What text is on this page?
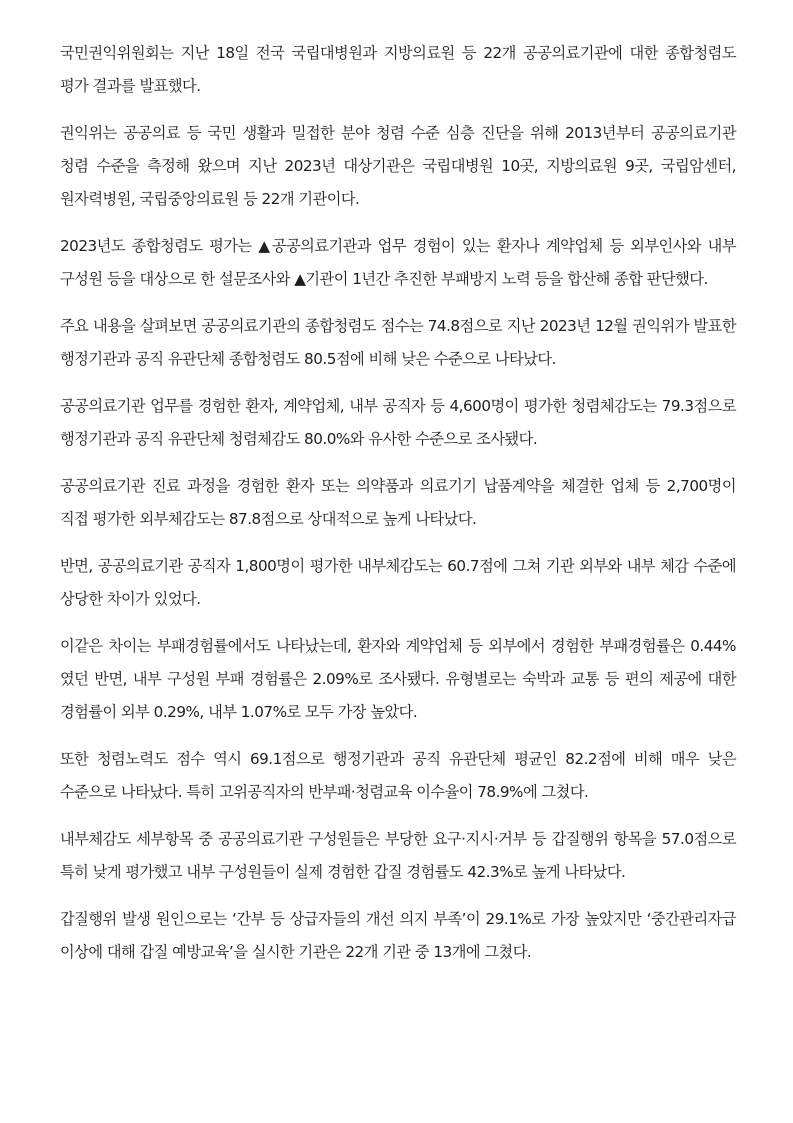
국민권익위원회는 지난 18일 전국 국립대병원과 지방의료원 등 22개 공공의료기관에 대한 종합청렴도 평가 결과를 발표했다.

권익위는 공공의료 등 국민 생활과 밀접한 분야 청렴 수준 심층 진단을 위해 2013년부터 공공의료기관 청렴 수준을 측정해 왔으며 지난 2023년 대상기관은 국립대병원 10곳, 지방의료원 9곳, 국립암센터, 원자력병원, 국립중앙의료원 등 22개 기관이다.

2023년도 종합청렴도 평가는 ▲공공의료기관과 업무 경험이 있는 환자나 계약업체 등 외부인사와 내부 구성원 등을 대상으로 한 설문조사와 ▲기관이 1년간 추진한 부패방지 노력 등을 합산해 종합 판단했다.

주요 내용을 살펴보면 공공의료기관의 종합청렴도 점수는 74.8점으로 지난 2023년 12월 권익위가 발표한 행정기관과 공직 유관단체 종합청렴도 80.5점에 비해 낮은 수준으로 나타났다.

공공의료기관 업무를 경험한 환자, 계약업체, 내부 공직자 등 4,600명이 평가한 청렴체감도는 79.3점으로 행정기관과 공직 유관단체 청렴체감도 80.0%와 유사한 수준으로 조사됐다.

공공의료기관 진료 과정을 경험한 환자 또는 의약품과 의료기기 납품계약을 체결한 업체 등 2,700명이 직접 평가한 외부체감도는 87.8점으로 상대적으로 높게 나타났다.

반면, 공공의료기관 공직자 1,800명이 평가한 내부체감도는 60.7점에 그쳐 기관 외부와 내부 체감 수준에 상당한 차이가 있었다.

이같은 차이는 부패경험률에서도 나타났는데, 환자와 계약업체 등 외부에서 경험한 부패경험률은 0.44%였던 반면, 내부 구성원 부패 경험률은 2.09%로 조사됐다. 유형별로는 숙박과 교통 등 편의 제공에 대한 경험률이 외부 0.29%, 내부 1.07%로 모두 가장 높았다.

또한 청렴노력도 점수 역시 69.1점으로 행정기관과 공직 유관단체 평균인 82.2점에 비해 매우 낮은 수준으로 나타났다. 특히 고위공직자의 반부패·청렴교육 이수율이 78.9%에 그쳤다.

내부체감도 세부항목 중 공공의료기관 구성원들은 부당한 요구·지시·거부 등 갑질행위 항목을 57.0점으로 특히 낮게 평가했고 내부 구성원들이 실제 경험한 갑질 경험률도 42.3%로 높게 나타났다.

갑질행위 발생 원인으로는 ‘간부 등 상급자들의 개선 의지 부족’이 29.1%로 가장 높았지만 ‘중간관리자급 이상에 대해 갑질 예방교육’을 실시한 기관은 22개 기관 중 13개에 그쳤다.
